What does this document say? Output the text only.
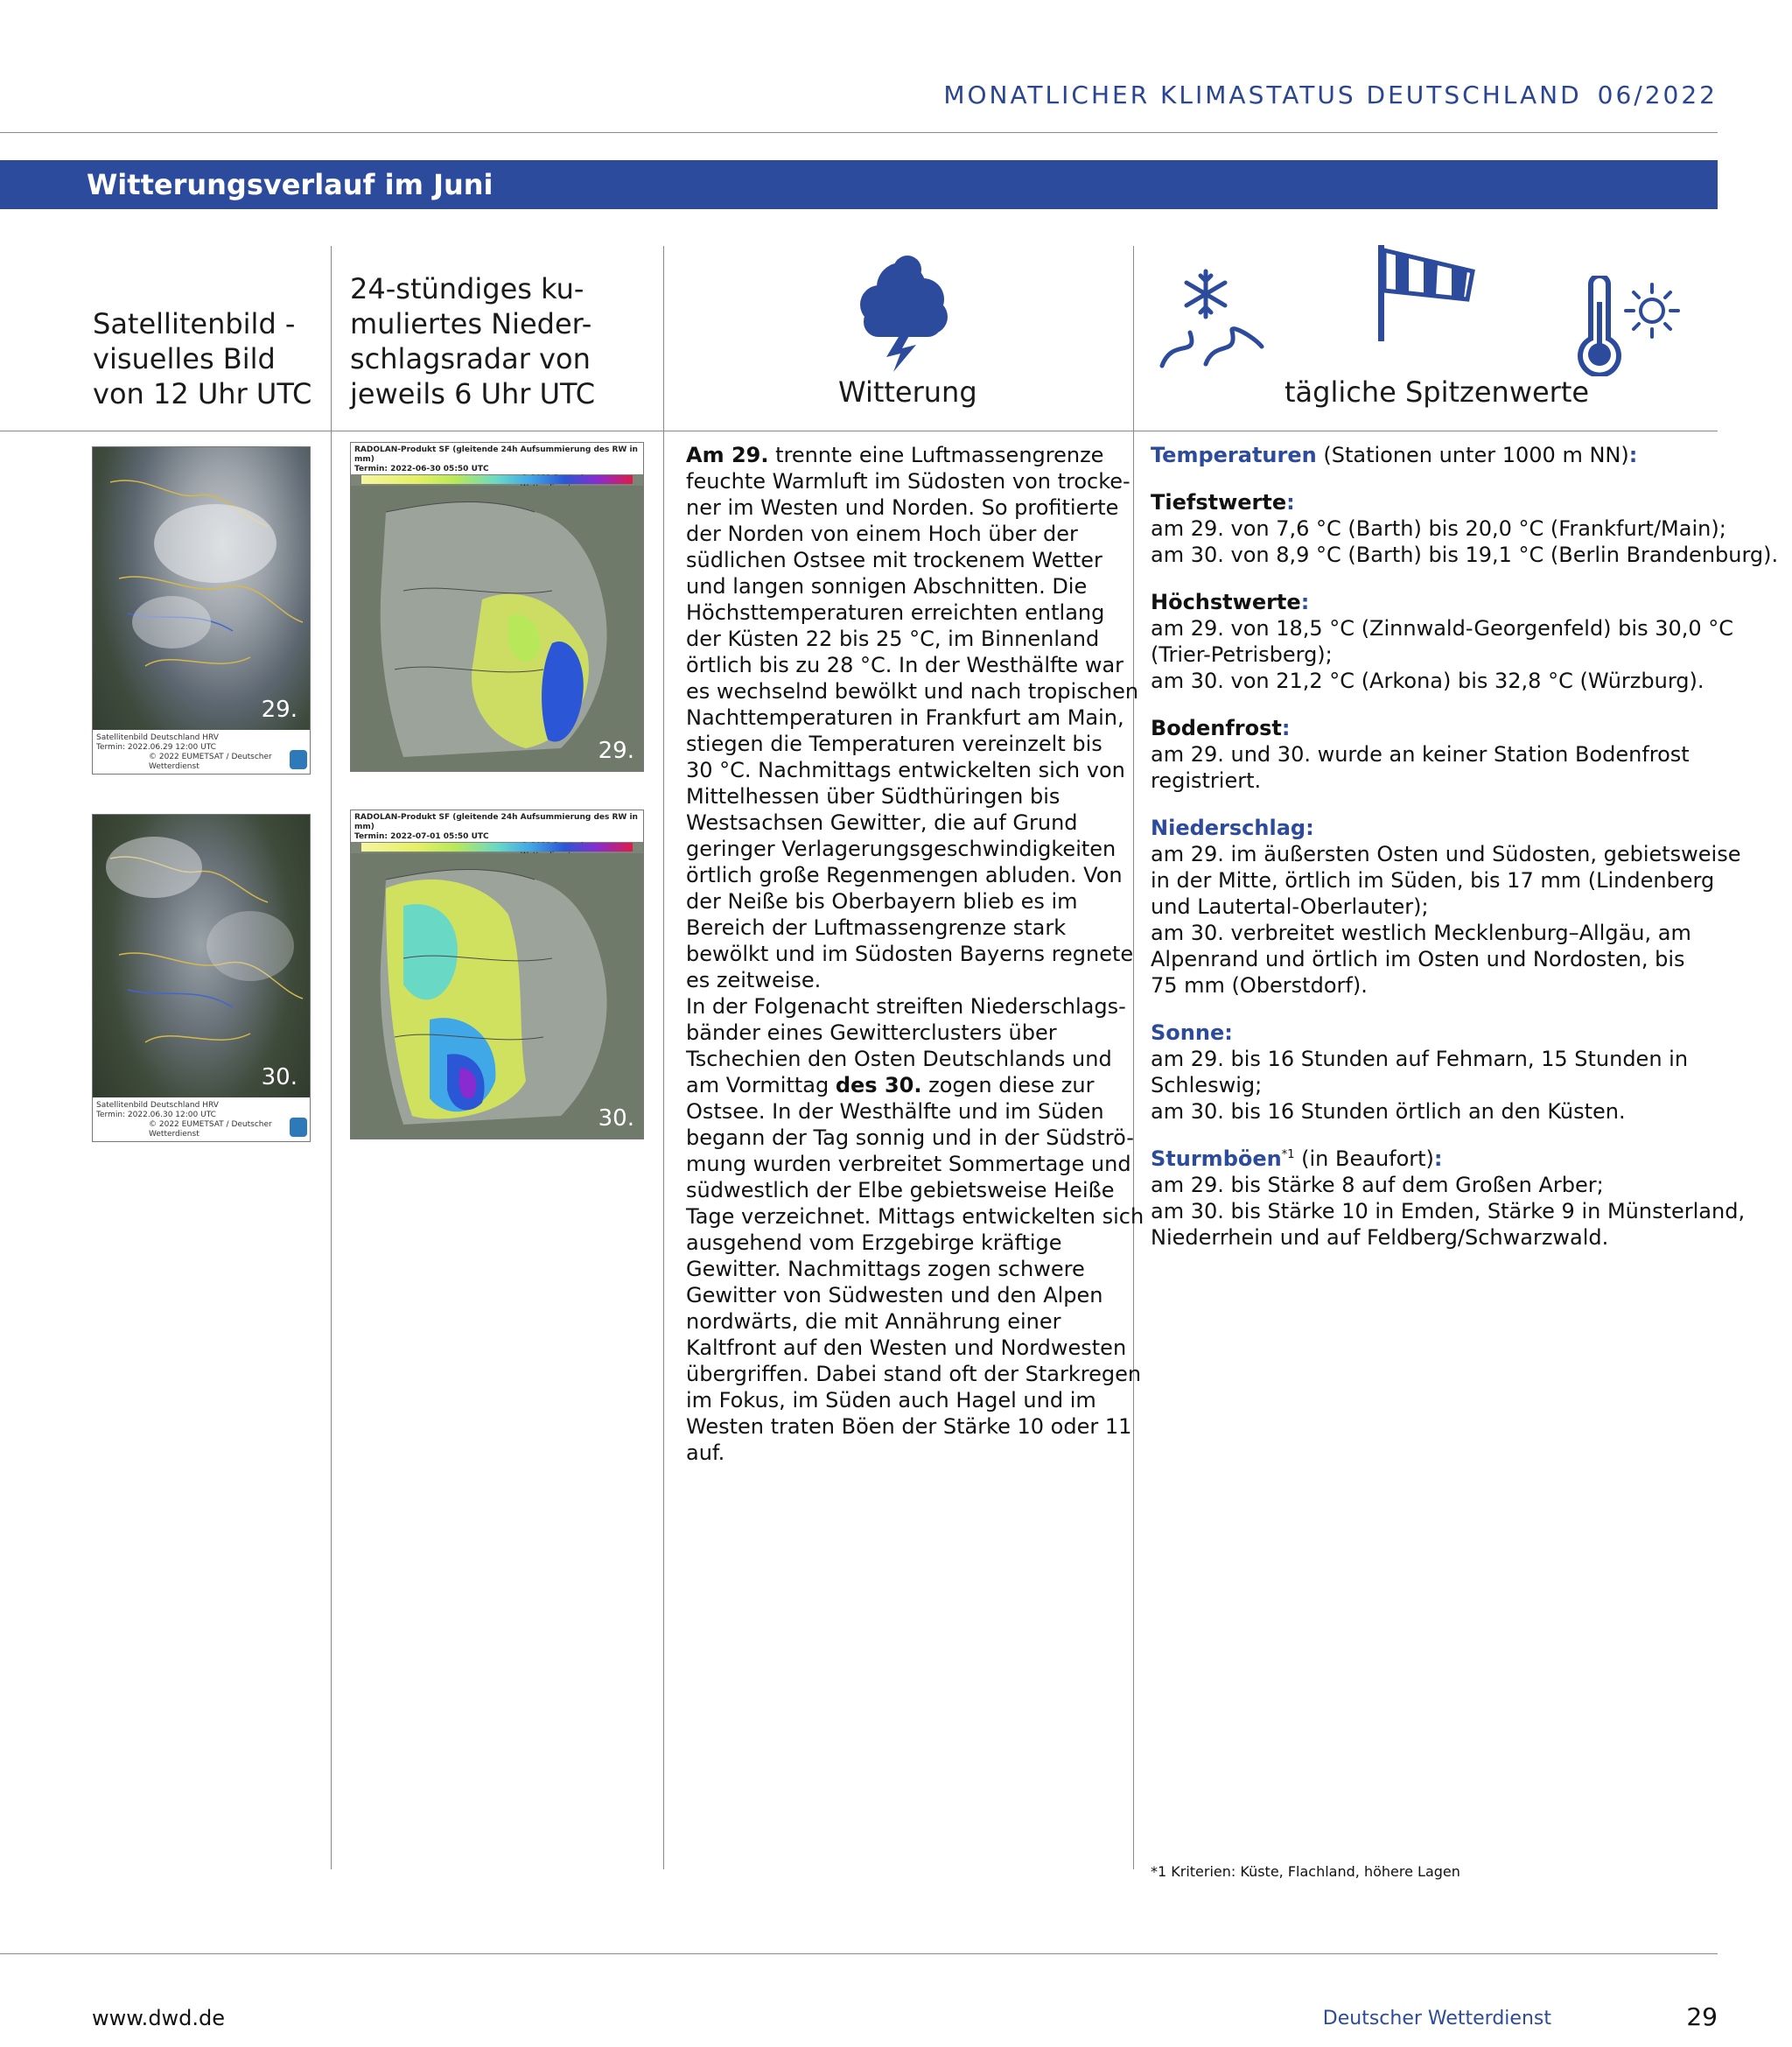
MONATLICHER KLIMASTATUS DEUTSCHLAND 06/2022
Witterungsverlauf im Juni
Satellitenbild -
visuelles Bild
von 12 Uhr UTC
24-stündiges ku-
muliertes Nieder-
schlagsradar von
jeweils 6 Uhr UTC	Witterung	tägliche Spitzenwerte
29.
Satellitenbild Deutschland HRV
Termin: 2022.06.29 12:00 UTC
© 2022 EUMETSAT / Deutscher Wetterdienst
30.
Satellitenbild Deutschland HRV
Termin: 2022.06.30 12:00 UTC
© 2022 EUMETSAT / Deutscher Wetterdienst
RADOLAN-Produkt SF (gleitende 24h Aufsummierung des RW in mm)
Termin: 2022-06-30 05:50 UTC
29.
RADOLAN-Produkt SF (gleitende 24h Aufsummierung des RW in mm)
Termin: 2022-07-01 05:50 UTC
30.

Am 29. trennte eine Luftmassengrenze

feuchte Warmluft im Südosten von trocke-

ner im Westen und Norden. So profitierte

der Norden von einem Hoch über der

südlichen Ostsee mit trockenem Wetter

und langen sonnigen Abschnitten. Die

Höchsttemperaturen erreichten entlang

der Küsten 22 bis 25 °C, im Binnenland

örtlich bis zu 28 °C. In der Westhälfte war

es wechselnd bewölkt und nach tropischen

Nachttemperaturen in Frankfurt am Main,

stiegen die Temperaturen vereinzelt bis

30 °C. Nachmittags entwickelten sich von

Mittelhessen über Südthüringen bis

Westsachsen Gewitter, die auf Grund

geringer Verlagerungsgeschwindigkeiten

örtlich große Regenmengen abluden. Von

der Neiße bis Oberbayern blieb es im

Bereich der Luftmassengrenze stark

bewölkt und im Südosten Bayerns regnete

es zeitweise.

In der Folgenacht streiften Niederschlags-

bänder eines Gewitterclusters über

Tschechien den Osten Deutschlands und

am Vormittag des 30. zogen diese zur

Ostsee. In der Westhälfte und im Süden

begann der Tag sonnig und in der Südströ-

mung wurden verbreitet Sommertage und

südwestlich der Elbe gebietsweise Heiße

Tage verzeichnet. Mittags entwickelten sich

ausgehend vom Erzgebirge kräftige

Gewitter. Nachmittags zogen schwere

Gewitter von Südwesten und den Alpen

nordwärts, die mit Annährung einer

Kaltfront auf den Westen und Nordwesten

übergriffen. Dabei stand oft der Starkregen

im Fokus, im Süden auch Hagel und im

Westen traten Böen der Stärke 10 oder 11

auf.

Temperaturen (Stationen unter 1000 m NN):

Tiefstwerte:

am 29. von 7,6 °C (Barth) bis 20,0 °C (Frankfurt/Main);

am 30. von 8,9 °C (Barth) bis 19,1 °C (Berlin Brandenburg).

Höchstwerte:

am 29. von 18,5 °C (Zinnwald-Georgenfeld) bis 30,0 °C

(Trier-Petrisberg);

am 30. von 21,2 °C (Arkona) bis 32,8 °C (Würzburg).

Bodenfrost:

am 29. und 30. wurde an keiner Station Bodenfrost

registriert.

Niederschlag:

am 29. im äußersten Osten und Südosten, gebietsweise

in der Mitte, örtlich im Süden, bis 17 mm (Lindenberg

und Lautertal-Oberlauter);

am 30. verbreitet westlich Mecklenburg–Allgäu, am

Alpenrand und örtlich im Osten und Nordosten, bis

75 mm (Oberstdorf).

Sonne:

am 29. bis 16 Stunden auf Fehmarn, 15 Stunden in

Schleswig;

am 30. bis 16 Stunden örtlich an den Küsten.

Sturmböen$^{*1}$ (in Beaufort):

am 29. bis Stärke 8 auf dem Großen Arber;

am 30. bis Stärke 10 in Emden, Stärke 9 in Münsterland,

Niederrhein und auf Feldberg/Schwarzwald.

*1 Kriterien: Küste, Flachland, höhere Lagen
www.dwd.de	Deutscher Wetterdienst	29
